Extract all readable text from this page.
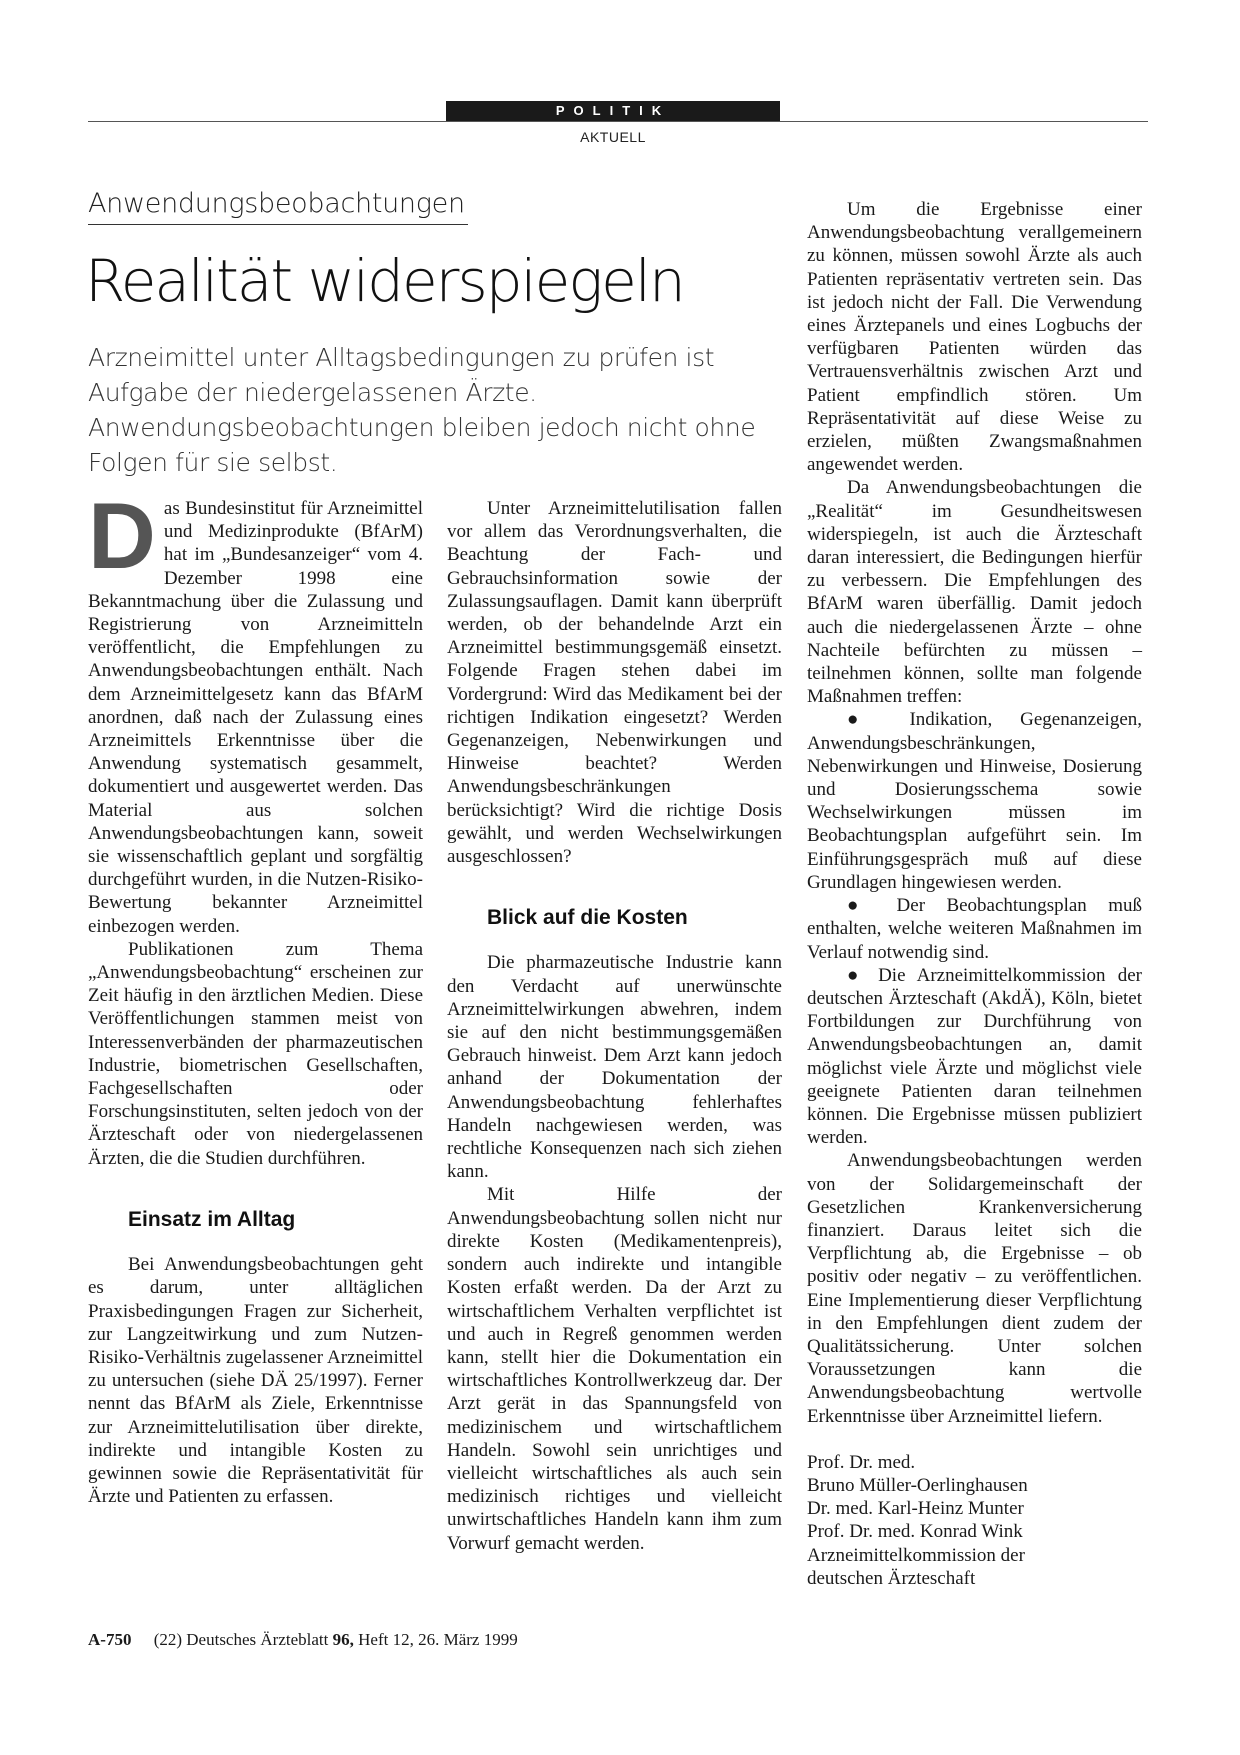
POLITIK
AKTUELL
Anwendungsbeobachtungen
Realität widerspiegeln
Arzneimittel unter Alltagsbedingungen zu prüfen ist Aufgabe der niedergelassenen Ärzte. Anwendungsbeobachtungen bleiben jedoch nicht ohne Folgen für sie selbst.

Das Bundesinstitut für Arzneimittel und Medizinprodukte (BfArM) hat im „Bundesanzeiger“ vom 4. Dezember 1998 eine Bekanntmachung über die Zulassung und Registrierung von Arzneimitteln veröffentlicht, die Empfehlungen zu Anwendungsbeobachtungen enthält. Nach dem Arzneimittelgesetz kann das BfArM anordnen, daß nach der Zulassung eines Arzneimittels Erkenntnisse über die Anwendung systematisch gesammelt, dokumentiert und ausgewertet werden. Das Material aus solchen Anwendungsbeobachtungen kann, soweit sie wissenschaftlich geplant und sorgfältig durchgeführt wurden, in die Nutzen-Risiko-Bewertung bekannter Arzneimittel einbezogen werden.

Publikationen zum Thema „Anwendungsbeobachtung“ erscheinen zur Zeit häufig in den ärztlichen Medien. Diese Veröffentlichungen stammen meist von Interessenverbänden der pharmazeutischen Industrie, biometrischen Gesellschaften, Fachgesellschaften oder Forschungsinstituten, selten jedoch von der Ärzteschaft oder von niedergelassenen Ärzten, die die Studien durchführen.

Einsatz im Alltag

Bei Anwendungsbeobachtungen geht es darum, unter alltäglichen Praxisbedingungen Fragen zur Sicherheit, zur Langzeitwirkung und zum Nutzen-Risiko-Verhältnis zugelassener Arzneimittel zu untersuchen (siehe DÄ 25/1997). Ferner nennt das BfArM als Ziele, Erkenntnisse zur Arzneimittelutilisation über direkte, indirekte und intangible Kosten zu gewinnen sowie die Repräsentativität für Ärzte und Patienten zu erfassen.

Unter Arzneimittelutilisation fallen vor allem das Verordnungsverhalten, die Beachtung der Fach- und Gebrauchsinformation sowie der Zulassungsauflagen. Damit kann überprüft werden, ob der behandelnde Arzt ein Arzneimittel bestimmungsgemäß einsetzt. Folgende Fragen stehen dabei im Vordergrund: Wird das Medikament bei der richtigen Indikation eingesetzt? Werden Gegenanzeigen, Nebenwirkungen und Hinweise beachtet? Werden Anwendungsbeschränkungen berücksichtigt? Wird die richtige Dosis gewählt, und werden Wechselwirkungen ausgeschlossen?

Blick auf die Kosten

Die pharmazeutische Industrie kann den Verdacht auf unerwünschte Arzneimittelwirkungen abwehren, indem sie auf den nicht bestimmungsgemäßen Gebrauch hinweist. Dem Arzt kann jedoch anhand der Dokumentation der Anwendungsbeobachtung fehlerhaftes Handeln nachgewiesen werden, was rechtliche Konsequenzen nach sich ziehen kann.

Mit Hilfe der Anwendungsbeobachtung sollen nicht nur direkte Kosten (Medikamentenpreis), sondern auch indirekte und intangible Kosten erfaßt werden. Da der Arzt zu wirtschaftlichem Verhalten verpflichtet ist und auch in Regreß genommen werden kann, stellt hier die Dokumentation ein wirtschaftliches Kontrollwerkzeug dar. Der Arzt gerät in das Spannungsfeld von medizinischem und wirtschaftlichem Handeln. Sowohl sein unrichtiges und vielleicht wirtschaftliches als auch sein medizinisch richtiges und vielleicht unwirtschaftliches Handeln kann ihm zum Vorwurf gemacht werden.

Um die Ergebnisse einer Anwendungsbeobachtung verallgemeinern zu können, müssen sowohl Ärzte als auch Patienten repräsentativ vertreten sein. Das ist jedoch nicht der Fall. Die Verwendung eines Ärztepanels und eines Logbuchs der verfügbaren Patienten würden das Vertrauensverhältnis zwischen Arzt und Patient empfindlich stören. Um Repräsentativität auf diese Weise zu erzielen, müßten Zwangsmaßnahmen angewendet werden.

Da Anwendungsbeobachtungen die „Realität“ im Gesundheitswesen widerspiegeln, ist auch die Ärzteschaft daran interessiert, die Bedingungen hierfür zu verbessern. Die Empfehlungen des BfArM waren überfällig. Damit jedoch auch die niedergelassenen Ärzte – ohne Nachteile befürchten zu müssen – teilnehmen können, sollte man folgende Maßnahmen treffen:

● Indikation, Gegenanzeigen, Anwendungsbeschränkungen, Nebenwirkungen und Hinweise, Dosierung und Dosierungsschema sowie Wechselwirkungen müssen im Beobachtungsplan aufgeführt sein. Im Einführungsgespräch muß auf diese Grundlagen hingewiesen werden.

● Der Beobachtungsplan muß enthalten, welche weiteren Maßnahmen im Verlauf notwendig sind.

● Die Arzneimittelkommission der deutschen Ärzteschaft (AkdÄ), Köln, bietet Fortbildungen zur Durchführung von Anwendungsbeobachtungen an, damit möglichst viele Ärzte und möglichst viele geeignete Patienten daran teilnehmen können. Die Ergebnisse müssen publiziert werden.

Anwendungsbeobachtungen werden von der Solidargemeinschaft der Gesetzlichen Krankenversicherung finanziert. Daraus leitet sich die Verpflichtung ab, die Ergebnisse – ob positiv oder negativ – zu veröffentlichen. Eine Implementierung dieser Verpflichtung in den Empfehlungen dient zudem der Qualitätssicherung. Unter solchen Voraussetzungen kann die Anwendungsbeobachtung wertvolle Erkenntnisse über Arzneimittel liefern.

Prof. Dr. med.
Bruno Müller-Oerlinghausen
Dr. med. Karl-Heinz Munter
Prof. Dr. med. Konrad Wink
Arzneimittelkommission der
deutschen Ärzteschaft
A-750 (22) Deutsches Ärzteblatt 96, Heft 12, 26. März 1999
